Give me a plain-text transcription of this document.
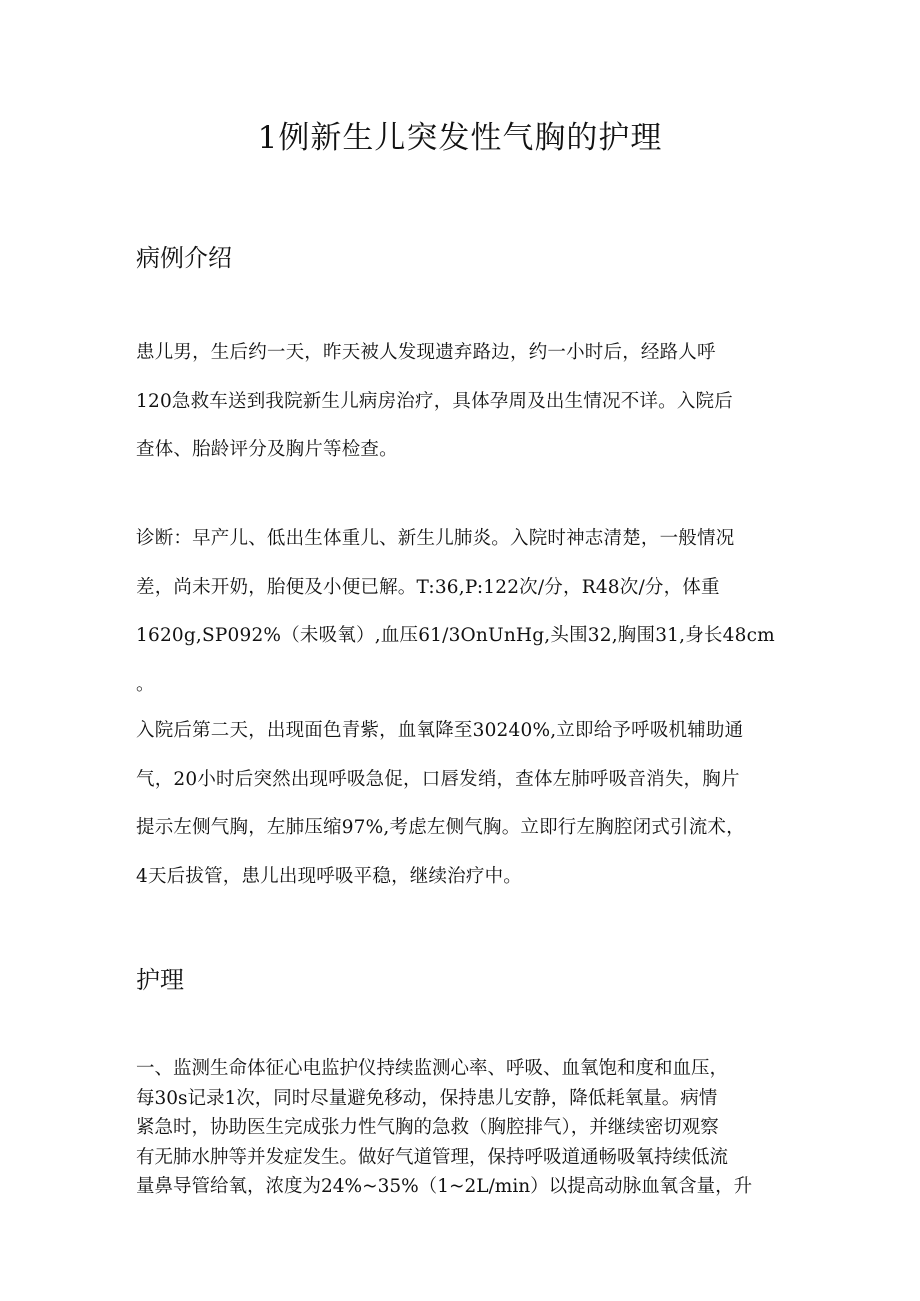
1例新生儿突发性气胸的护理
病例介绍

患儿男，生后约一天，昨天被人发现遗弃路边，约一小时后，经路人呼
120急救车送到我院新生儿病房治疗，具体孕周及出生情况不详。入院后
查体、胎龄评分及胸片等检查。

诊断：早产儿、低出生体重儿、新生儿肺炎。入院时神志清楚，一般情况
差，尚未开奶，胎便及小便已解。T:36,P:122次/分，R48次/分，体重
1620g,SP092%（未吸氧）,血压61/3OnUnHg,头围32,胸围31,身长48cm
。

入院后第二天，出现面色青紫，血氧降至30240%,立即给予呼吸机辅助通
气，20小时后突然出现呼吸急促，口唇发绡，查体左肺呼吸音消失，胸片
提示左侧气胸，左肺压缩97%,考虑左侧气胸。立即行左胸腔闭式引流术，
4天后拔管，患儿出现呼吸平稳，继续治疗中。

护理

一、监测生命体征心电监护仪持续监测心率、呼吸、血氧饱和度和血压，
每30s记录1次，同时尽量避免移动，保持患儿安静，降低耗氧量。病情
紧急时，协助医生完成张力性气胸的急救（胸腔排气），并继续密切观察
有无肺水肿等并发症发生。做好气道管理，保持呼吸道通畅吸氧持续低流
量鼻导管给氧，浓度为24%~35%（1~2L∕min）以提高动脉血氧含量，升
